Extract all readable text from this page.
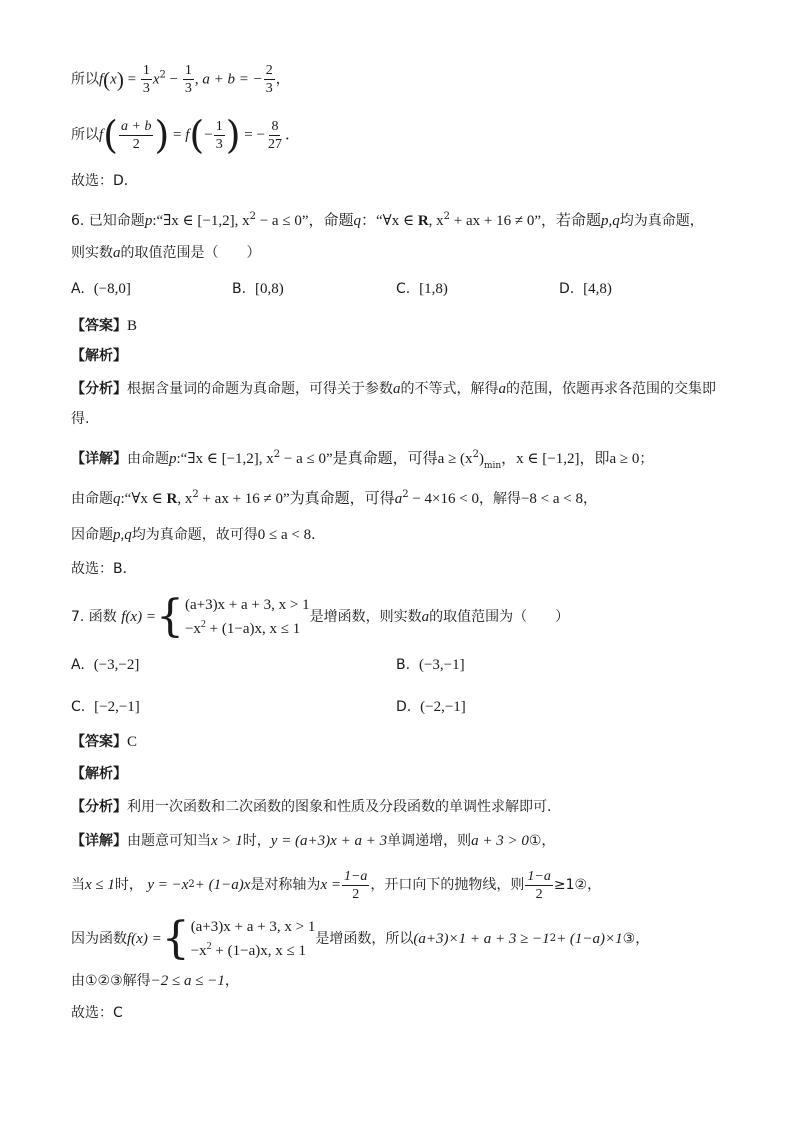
所以$f(x) = \frac{1}{3} x^2 - \frac{1}{3}$ , a + b = − $\frac{2}{3}$ ，
所以$f( \frac{a + b}{2}$ ) = $f(- \frac{1}{3}$ ) = − $\frac{8}{27}$ ．
故选：D．
6. 已知命题p:“∃x ∈ [−1,2], $x^2 - a \le 0$”，命题q：“∀x ∈ R, $x^2$ + ax + 16 ≠ 0”，若命题p,q均为真命题，
则实数a的取值范围是（　　）
A. (−8,0]	B. [0,8)	C. [1,8)	D. [4,8)
【答案】B
【解析】
【分析】根据含量词的命题为真命题，可得关于参数a的不等式，解得a的范围，依题再求各范围的交集即
得.
【详解】由命题p:“∃x ∈ [−1,2], $x^2 - a \le 0$”是真命题，可得$a \ge (x^2)_{min}$，x ∈ [−1,2]，即a ≥ 0；
由命题q:“∀x ∈ R, $x^2$ + ax + 16 ≠ 0”为真命题，可得$a^2 - 4\times 16 < 0$，解得−8 < a < 8，
因命题p,q均为真命题，故可得0 ≤ a < 8．
故选：B．
7. 函数
f(x) = { (a+3)x + a + 3, x > 1
$-x^2 + (1-a)x$, x ≤ 1
是增函数，则实数 a 的取值范围为（　　）
A. (−3,−2]	B. (−3,−1]
C. [−2,−1]	D. (−2,−1]
【答案】C
【解析】
【分析】利用一次函数和二次函数的图象和性质及分段函数的单调性求解即可.
【详解】由题意可知当x > 1时，y = (a+3)x + a + 3单调递增，则a + 3 > 0①，
当 x ≤ 1 时，
y = −x 2 + (1−a)x 是对称轴为 $x = \frac{1-a}{2}$ ，开口向下的抛物线，则 $\frac{1-a}{2}$ ≥1②，
因为函数 f(x) = { (a+3)x + a + 3, x > 1
$-x^2 + (1-a)x$, x ≤ 1
是增函数，所以 (a+3)×1 + a + 3 ≥ −1 2 + (1−a)×1 ③，
由①②③解得−2 ≤ a ≤ −1，
故选：C
